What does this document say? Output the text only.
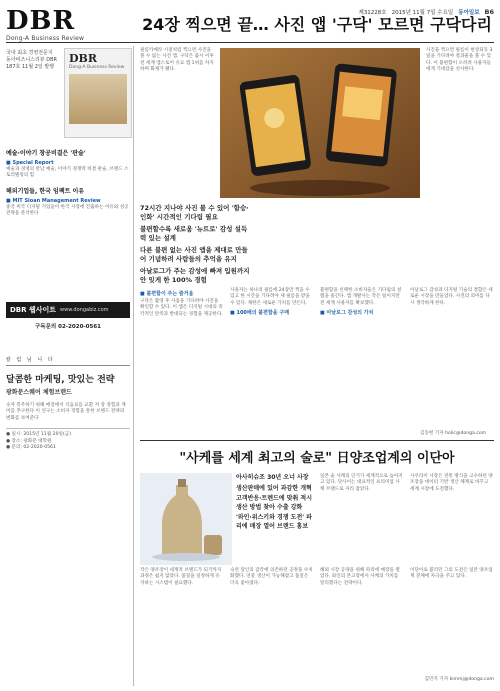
DBR
Dong-A Business Review
제31228호 2015년 11월 7일 수요일 동아일보 B6
국내 최초 경영전문지 동아비즈니스리뷰 DBR 187호 11월 2일 발행
DBR
Dong-A Business Review
예술·이야기 창공비결은 '판술'
■ Special Report
예술과 경영의 만남 예술, 이야기 경쟁력 비결 판술, 브랜드 스토리텔링의 힘
해외기업들, 한국 임팩트 이유
■ MIT Sloan Management Review
중국 미국 디지털 기업들이 한국 시장에 진출하는 이유와 성공 전략을 분석한다
DBR 웹사이트 www.dongabiz.com
구독문의 02-2020-0561
칼 럼 님 니 다
달콤한 마케팅, 맛있는 전략
광화문스퀘어 체험브랜드
숫자 복주하기 위해 매장에서 식음료를 교환 저 장 경험과 재미를 추구한다 이 연구는 소비자 경험을 통한 브랜드 전략의 변화를 보여준다
● 일시: 2015년 11월 20일(금)
● 장소: 광화문 대학원
● 문의: 02-2020-0561
24장 찍으면 끝… 사진 앱 '구닥' 모르면 구닥다리
필름카메라 시절처럼 찍으면 사진을 볼 수 없는 사진 앱. 구닥은 출시 이후 전 세계 앱스토어 유료 앱 1위를 차지하며 화제가 됐다.
사진을 찍으면 필름이 현상되듯 3일을 기다려야 결과물을 볼 수 있다. 이 불편함이 오히려 사용자들에게 기대감을 선사한다.
72시간 지나야 사진 볼 수 있어 '함승·인화' 시간적인 기다림 필요
불편할수록 새로움 '뉴트로' 감성 설득력 있는 설계
다른 불편 없는 사진 앱을 제대로 만들어 기념하려 사람들의 추억을 유지
아날로그가 주는 감성에 빠져 입원까지 안 잊게 한 100% 경험
■ 불편함이 주는 즐거움
구닥은 촬영 후 사흘을 기다려야 사진을 확인할 수 있다. 이 앱은 디지털 시대의 즉각적인 만족과 반대되는 경험을 제공한다.
사용자는 하나의 필름에 24장만 찍을 수 있고 한 시간을 기다려야 새 필름을 받을 수 있다. 제한은 새로운 가치를 만든다.
■ 100배의 불편함을 구매
불편함을 선택한 소비자들은 기다림의 설렘을 즐긴다. 앱 개발사는 작은 팀이지만 전 세계 사용자를 확보했다.
■ 아날로그 감성의 가치
아날로그 감성과 디지털 기술의 결합은 새로운 시장을 만들었다. 사진의 의미를 다시 생각하게 한다.
김동현 기자 holic@donga.com
"사케를 세계 최고의 술로" 日양조업계의 이단아
아사히슈조 30년 오너 사장
생산판매에 있어 과감한 개혁
고객반응·트렌드에 맞춰 적시 생산 방법 찾아 수출 강화
'와인·위스키와 경쟁 도전' 파리에 매장 열어 브랜드 홍보
일본 술 사케의 인기가 세계적으로 높아지고 있다. 닷사이는 대표적인 프리미엄 사케 브랜드로 자리 잡았다.
사쿠라이 사장은 전통 방식을 고수하던 양조장을 데이터 기반 생산 체계로 바꾸고 세계 시장에 도전했다.
작은 양조장이 세계적 브랜드가 되기까지 과정은 쉽지 않았다. 품질을 일정하게 유지하는 시스템이 필요했다.
숙련 장인의 감각에 의존하던 공정을 수치화했다. 연중 생산이 가능해졌고 품질은 더욱 좋아졌다.
해외 시장 공략을 위해 파리에 매장을 열었다. 와인의 본고장에서 사케의 가치를 알리겠다는 전략이다.
이단아로 불리던 그의 도전은 일본 양조업계 전체에 자극을 주고 있다.
김민지 기자 kimmj@donga.com
